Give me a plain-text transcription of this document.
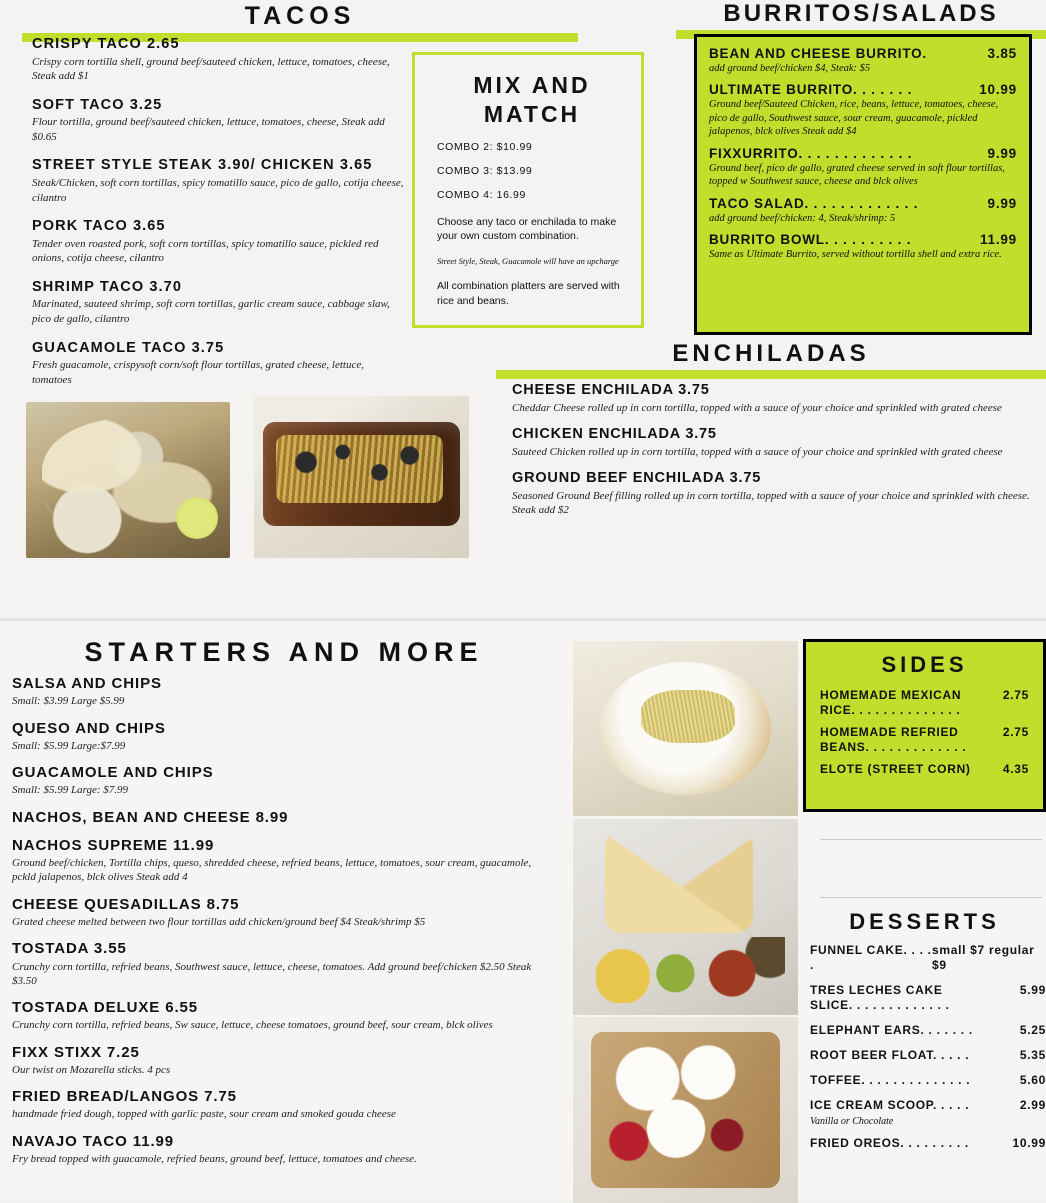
TACOS
CRISPY TACO 2.65
Crispy corn tortilla shell, ground beef/sauteed chicken, lettuce, tomatoes, cheese, Steak add $1
SOFT TACO 3.25
Flour tortilla, ground beef/sauteed chicken, lettuce, tomatoes, cheese, Steak add $0.65
STREET STYLE STEAK 3.90/ CHICKEN 3.65
Steak/Chicken, soft corn tortillas, spicy tomatillo sauce, pico de gallo, cotija cheese, cilantro
PORK TACO 3.65
Tender oven roasted pork, soft corn tortillas, spicy tomatillo sauce, pickled red onions, cotija cheese, cilantro
SHRIMP TACO 3.70
Marinated, sauteed shrimp, soft corn tortillas, garlic cream sauce, cabbage slaw, pico de gallo, cilantro
GUACAMOLE TACO 3.75
Fresh guacamole, crispysoft corn/soft flour tortillas, grated cheese, lettuce, tomatoes
MIX AND
MATCH
COMBO 2: $10.99
COMBO 3: $13.99
COMBO 4: 16.99
Choose any taco or enchilada to make your own custom combination.
Street Style, Steak, Guacamole will have an upcharge
All combination platters are served with rice and beans.
BURRITOS/SALADS
BEAN AND CHEESE BURRITO.	3.85
add ground beef/chicken $4, Steak: $5
ULTIMATE BURRITO. . . . . . .	10.99
Ground beef/Sauteed Chicken, rice, beans, lettuce, tomatoes, cheese, pico de gallo, Southwest sauce, sour cream, guacamole, pickled jalapenos, blck olives Steak add $4
FIXXURRITO. . . . . . . . . . . . .	9.99
Ground beef, pico de gallo, grated cheese served in soft flour tortillas, topped w Southwest sauce, cheese and blck olives
TACO SALAD. . . . . . . . . . . . .	9.99
add ground beef/chicken: 4, Steak/shrimp: 5
BURRITO BOWL. . . . . . . . . .	11.99
Same as Ultimate Burrito, served without tortilla shell and extra rice.
ENCHILADAS
CHEESE ENCHILADA 3.75
Cheddar Cheese rolled up in corn tortilla, topped with a sauce of your choice and sprinkled with grated cheese
CHICKEN ENCHILADA 3.75
Sauteed Chicken rolled up in corn tortilla, topped with a sauce of your choice and sprinkled with grated cheese
GROUND BEEF ENCHILADA 3.75
Seasoned Ground Beef filling rolled up in corn tortilla, topped with a sauce of your choice and sprinkled with cheese. Steak add $2
STARTERS AND MORE
SALSA AND CHIPS
Small: $3.99 Large $5.99
QUESO AND CHIPS
Small: $5.99 Large:$7.99
GUACAMOLE AND CHIPS
Small: $5.99 Large: $7.99
NACHOS, BEAN AND CHEESE 8.99
NACHOS SUPREME 11.99
Ground beef/chicken, Tortilla chips, queso, shredded cheese, refried beans, lettuce, tomatoes, sour cream, guacamole, pckld jalapenos, blck olives Steak add 4
CHEESE QUESADILLAS 8.75
Grated cheese melted between two flour tortillas add chicken/ground beef $4 Steak/shrimp $5
TOSTADA 3.55
Crunchy corn tortilla, refried beans, Southwest sauce, lettuce, cheese, tomatoes. Add ground beef/chicken $2.50 Steak $3.50
TOSTADA DELUXE 6.55
Crunchy corn tortilla, refried beans, Sw sauce, lettuce, cheese tomatoes, ground beef, sour cream, blck olives
FIXX STIXX 7.25
Our twist on Mozarella sticks. 4 pcs
FRIED BREAD/LANGOS 7.75
handmade fried dough, topped with garlic paste, sour cream and smoked gouda cheese
NAVAJO TACO 11.99
Fry bread topped with guacamole, refried beans, ground beef, lettuce, tomatoes and cheese.
SIDES
HOMEMADE MEXICAN RICE. . . . . . . . . . . . . .
2.75
HOMEMADE REFRIED BEANS. . . . . . . . . . . . .
2.75
ELOTE (STREET CORN)	4.35
DESSERTS
FUNNEL CAKE. . . . .
small $7 regular $9
TRES LECHES CAKE SLICE. . . . . . . . . . . . .
5.99
ELEPHANT EARS. . . . . . .	5.25
ROOT BEER FLOAT. . . . .	5.35
TOFFEE. . . . . . . . . . . . . .	5.60
ICE CREAM SCOOP. . . . .	2.99
Vanilla or Chocolate
FRIED OREOS. . . . . . . . .	10.99
